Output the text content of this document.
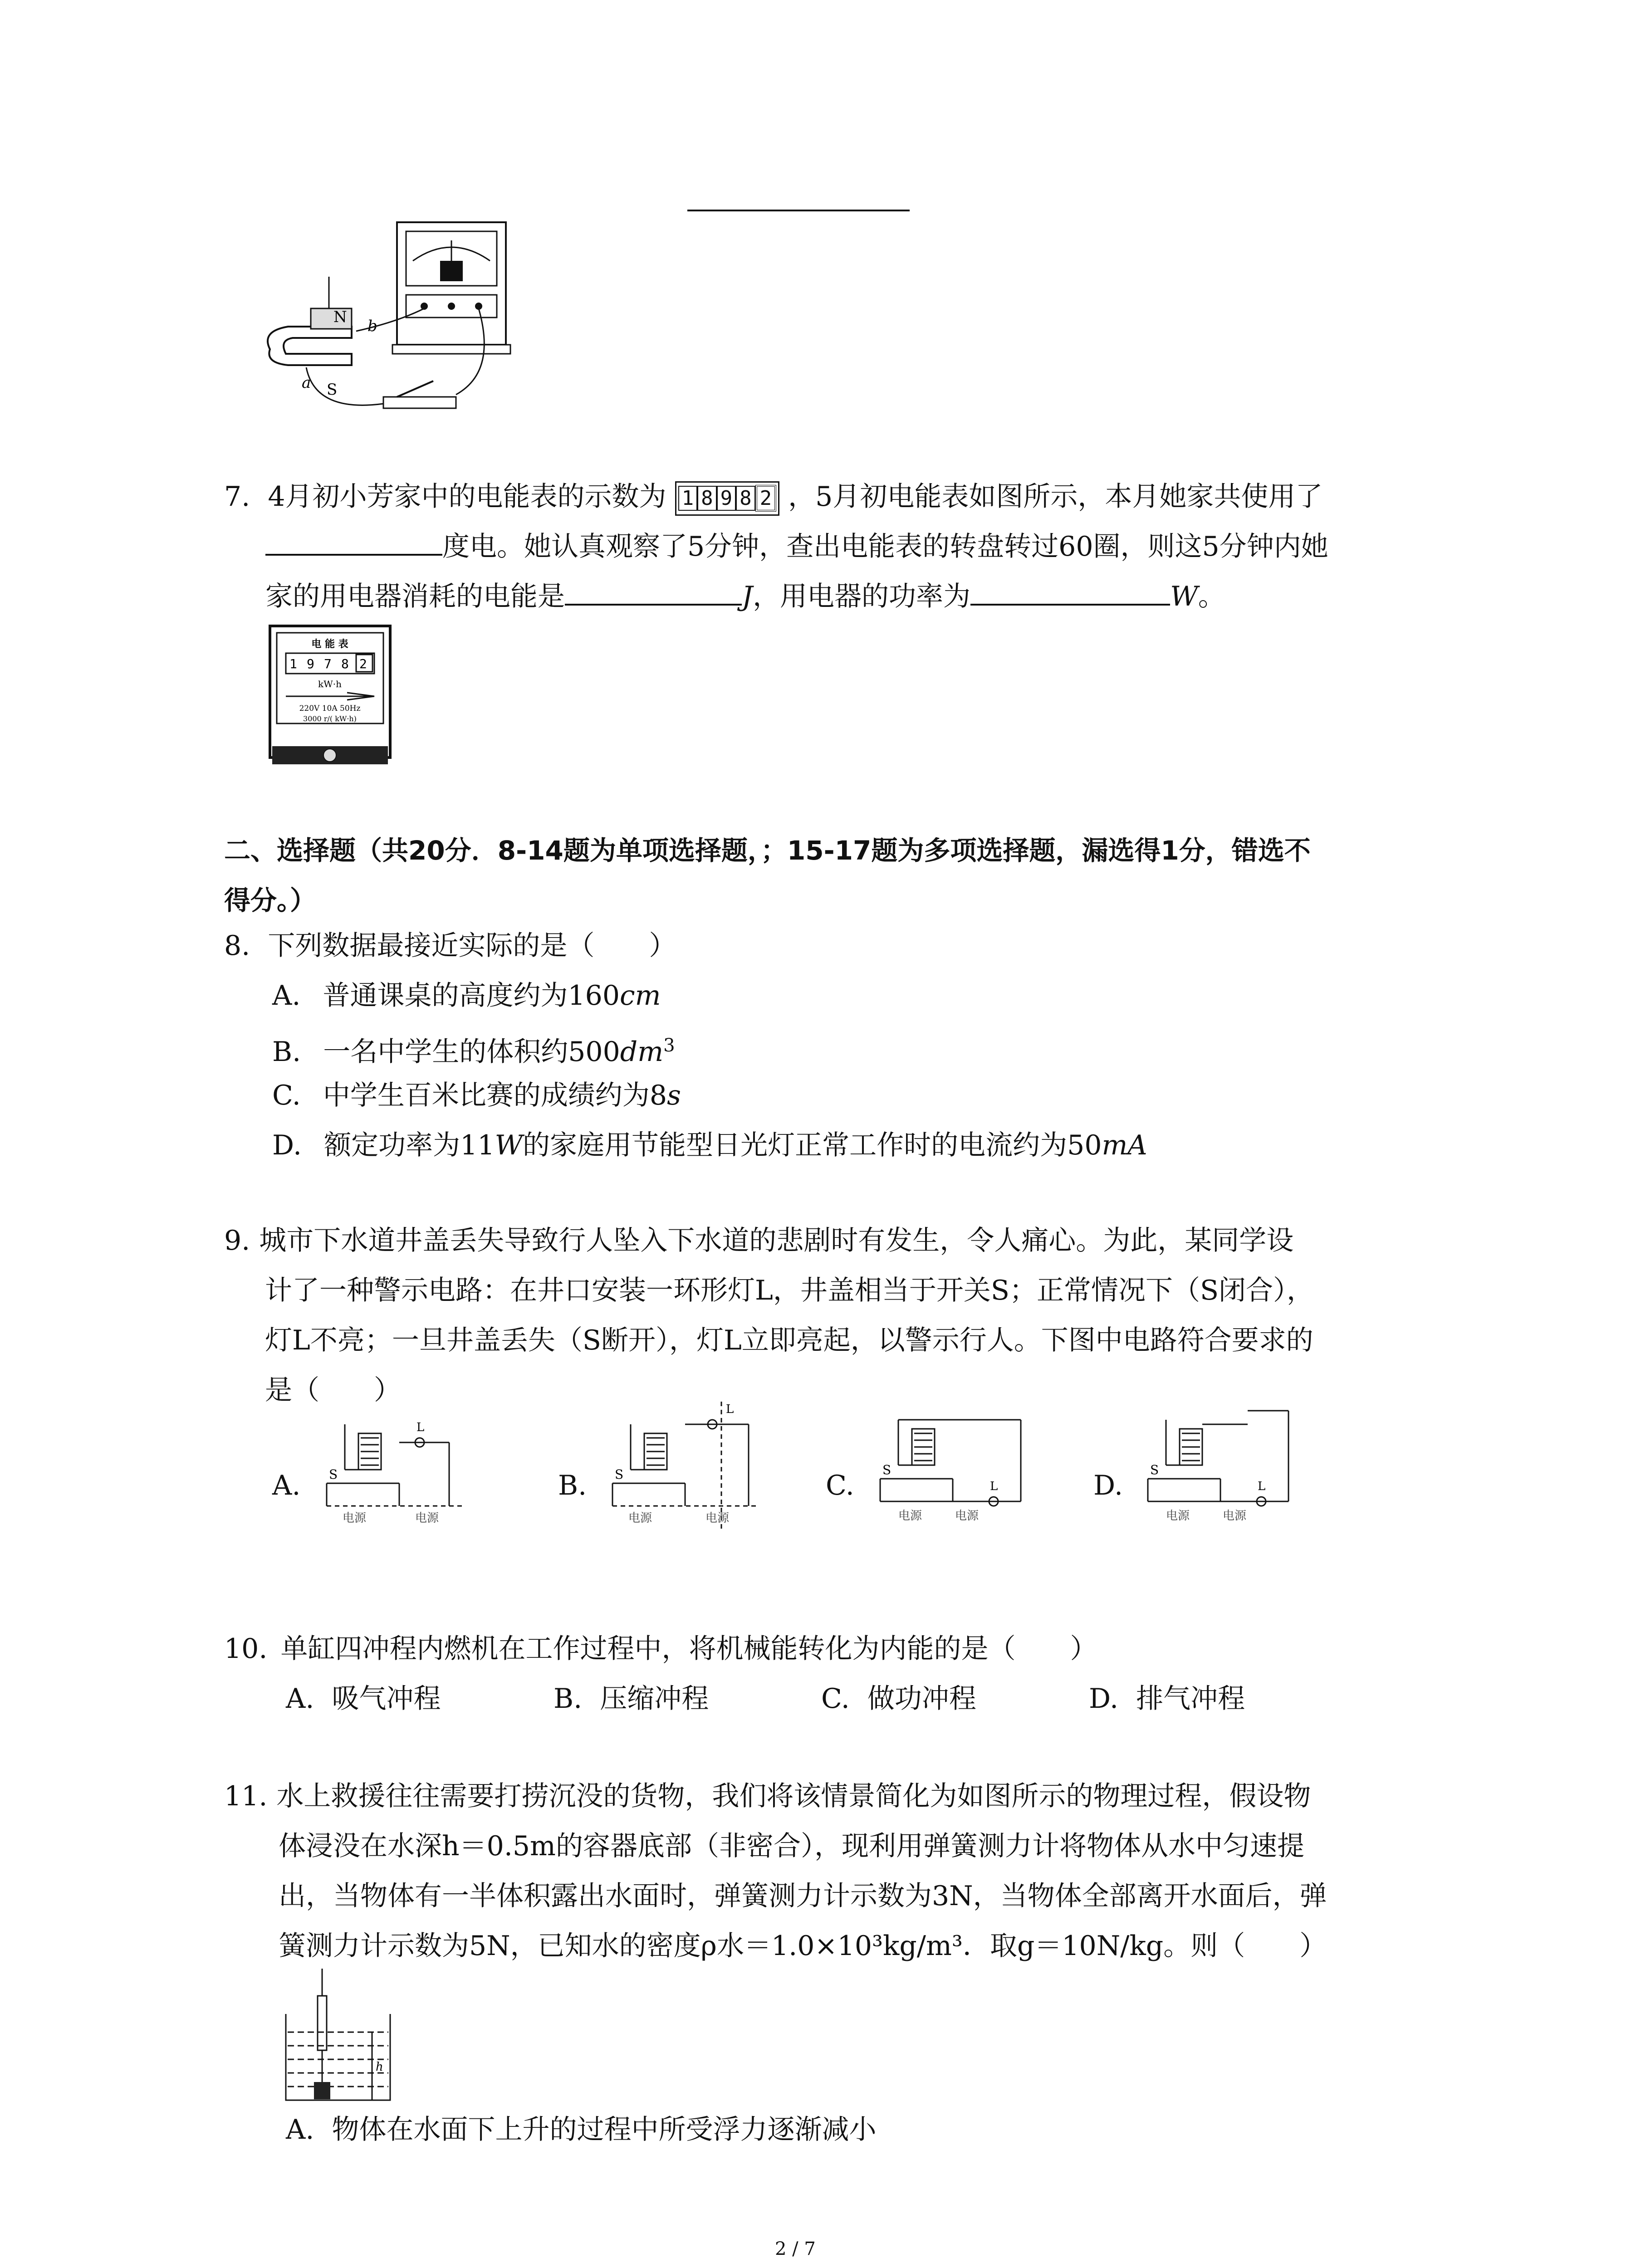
N
S
a
b
7. 4月初小芳家中的电能表的示数为 1 8 9 8 2 ，5月初电能表如图所示，本月她家共使用了
度电。她认真观察了5分钟，查出电能表的转盘转过60圈，则这5分钟内她
家的用电器消耗的电能是	J，用电器的功率为	W。
电 能 表
1 9 7 8 2
kW·h
220V 10A 50Hz
3000 r/( kW·h)
二、选择题（共20分．8-14题为单项选择题，；15-17题为多项选择题，漏选得1分，错选不
得分。）
8. 下列数据最接近实际的是（　　）
A. 普通课桌的高度约为160cm
B. 一名中学生的体积约$500dm^3$
C. 中学生百米比赛的成绩约为8s
D. 额定功率为11W的家庭用节能型日光灯正常工作时的电流约为50mA
9. 城市下水道井盖丢失导致行人坠入下水道的悲剧时有发生，令人痛心。为此，某同学设
计了一种警示电路：在井口安装一环形灯L，井盖相当于开关S；正常情况下（S闭合），
灯L不亮；一旦井盖丢失（S断开），灯L立即亮起，以警示行人。下图中电路符合要求的
是（　　）
A.	B.	C.	D.
S
L
电源	电源
S
L
电源	电源
S
L
电源	电源
S
L
电源	电源
10. 单缸四冲程内燃机在工作过程中，将机械能转化为内能的是（　　）
A. 吸气冲程	B. 压缩冲程	C. 做功冲程	D. 排气冲程
11. 水上救援往往需要打捞沉没的货物，我们将该情景简化为如图所示的物理过程，假设物
体浸没在水深h＝0.5m的容器底部（非密合），现利用弹簧测力计将物体从水中匀速提
出，当物体有一半体积露出水面时，弹簧测力计示数为3N，当物体全部离开水面后，弹
簧测力计示数为5N，已知水的密度ρ水＝1.0×10³kg/m³．取g＝10N/kg。则（　　）
h
A. 物体在水面下上升的过程中所受浮力逐渐减小
2 / 7
